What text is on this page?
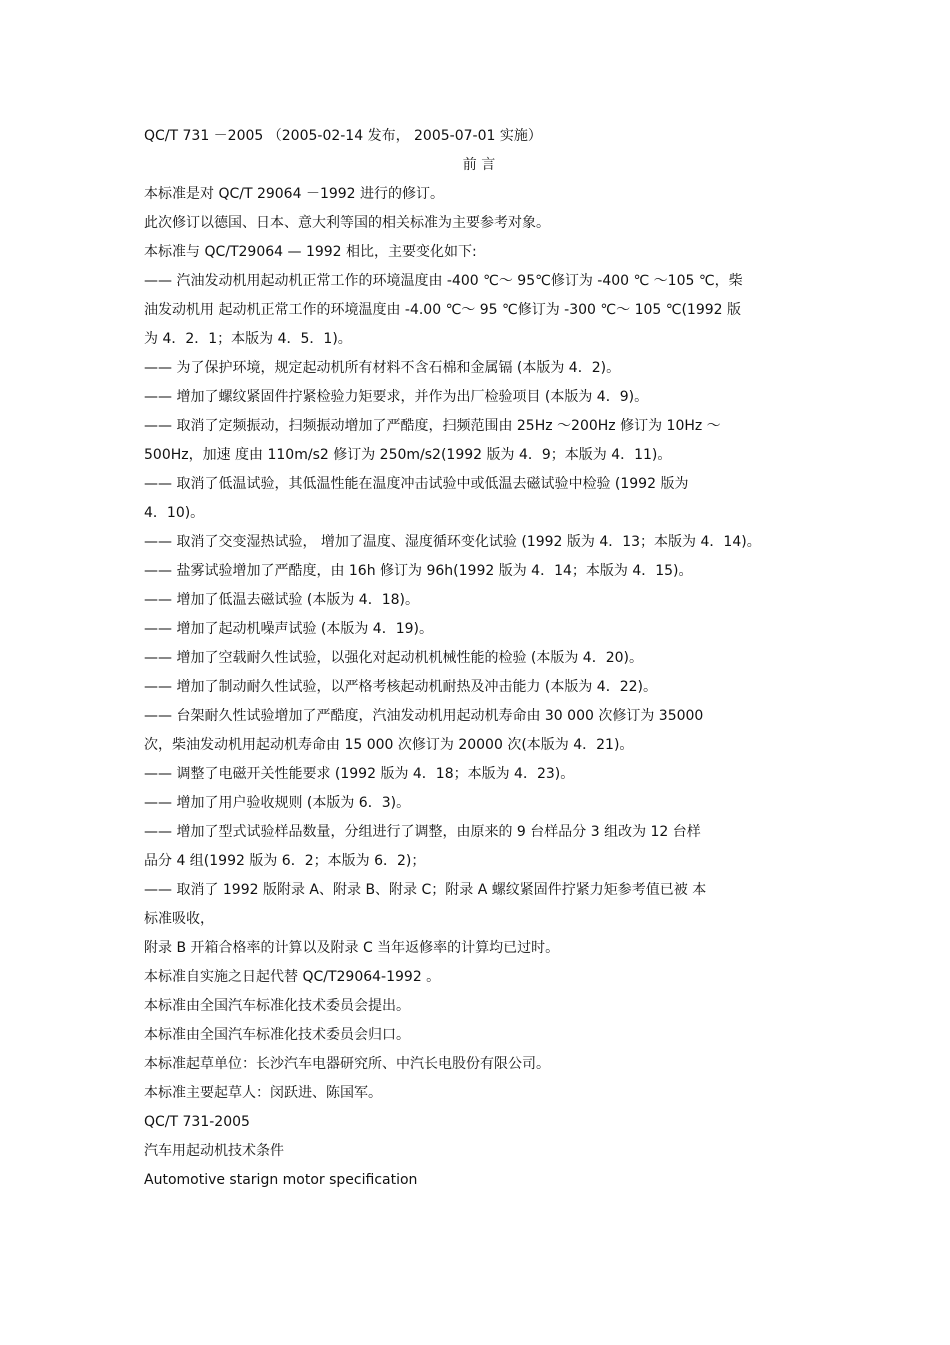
QC/T 731 －2005 （2005-02-14 发布， 2005-07-01 实施）

前 言

本标准是对 QC/T 29064 －1992 进行的修订。

此次修订以德国、日本、意大利等国的相关标准为主要参考对象。

本标准与 QC/T29064 — 1992 相比，主要变化如下:

—— 汽油发动机用起动机正常工作的环境温度由 -400 ℃～ 95℃修订为 -400 ℃ ～105 ℃，柴

油发动机用 起动机正常工作的环境温度由 -4.00 ℃～ 95 ℃修订为 -300 ℃～ 105 ℃(1992 版

为 4．2．1；本版为 4．5．1)。

—— 为了保护环境，规定起动机所有材料不含石棉和金属镉 (本版为 4．2)。

—— 增加了螺纹紧固件拧紧检验力矩要求，并作为出厂检验项目 (本版为 4．9)。

—— 取消了定频振动，扫频振动增加了严酷度，扫频范围由 25Hz ～200Hz 修订为 10Hz ～

500Hz，加速 度由 110m/s2 修订为 250m/s2(1992 版为 4．9；本版为 4．11)。

—— 取消了低温试验，其低温性能在温度冲击试验中或低温去磁试验中检验 (1992 版为

4．10)。

—— 取消了交变湿热试验， 增加了温度、湿度循环变化试验 (1992 版为 4．13；本版为 4．14)。

—— 盐雾试验增加了严酷度，由 16h 修订为 96h(1992 版为 4．14；本版为 4．15)。

—— 增加了低温去磁试验 (本版为 4．18)。

—— 增加了起动机噪声试验 (本版为 4．19)。

—— 增加了空载耐久性试验，以强化对起动机机械性能的检验 (本版为 4．20)。

—— 增加了制动耐久性试验，以严格考核起动机耐热及冲击能力 (本版为 4．22)。

—— 台架耐久性试验增加了严酷度，汽油发动机用起动机寿命由 30 000 次修订为 35000

次，柴油发动机用起动机寿命由 15 000 次修订为 20000 次(本版为 4．21)。

—— 调整了电磁开关性能要求 (1992 版为 4．18；本版为 4．23)。

—— 增加了用户验收规则 (本版为 6．3)。

—— 增加了型式试验样品数量，分组进行了调整，由原来的 9 台样品分 3 组改为 12 台样

品分 4 组(1992 版为 6．2；本版为 6．2)；

—— 取消了 1992 版附录 A、附录 B、附录 C；附录 A 螺纹紧固件拧紧力矩参考值已被 本

标准吸收，

附录 B 开箱合格率的计算以及附录 C 当年返修率的计算均已过时。

本标准自实施之日起代替 QC/T29064-1992 。

本标准由全国汽车标准化技术委员会提出。

本标准由全国汽车标准化技术委员会归口。

本标准起草单位：长沙汽车电器研究所、中汽长电股份有限公司。

本标准主要起草人：闵跃进、陈国军。

QC/T 731-2005

汽车用起动机技术条件

Automotive starign motor specification
